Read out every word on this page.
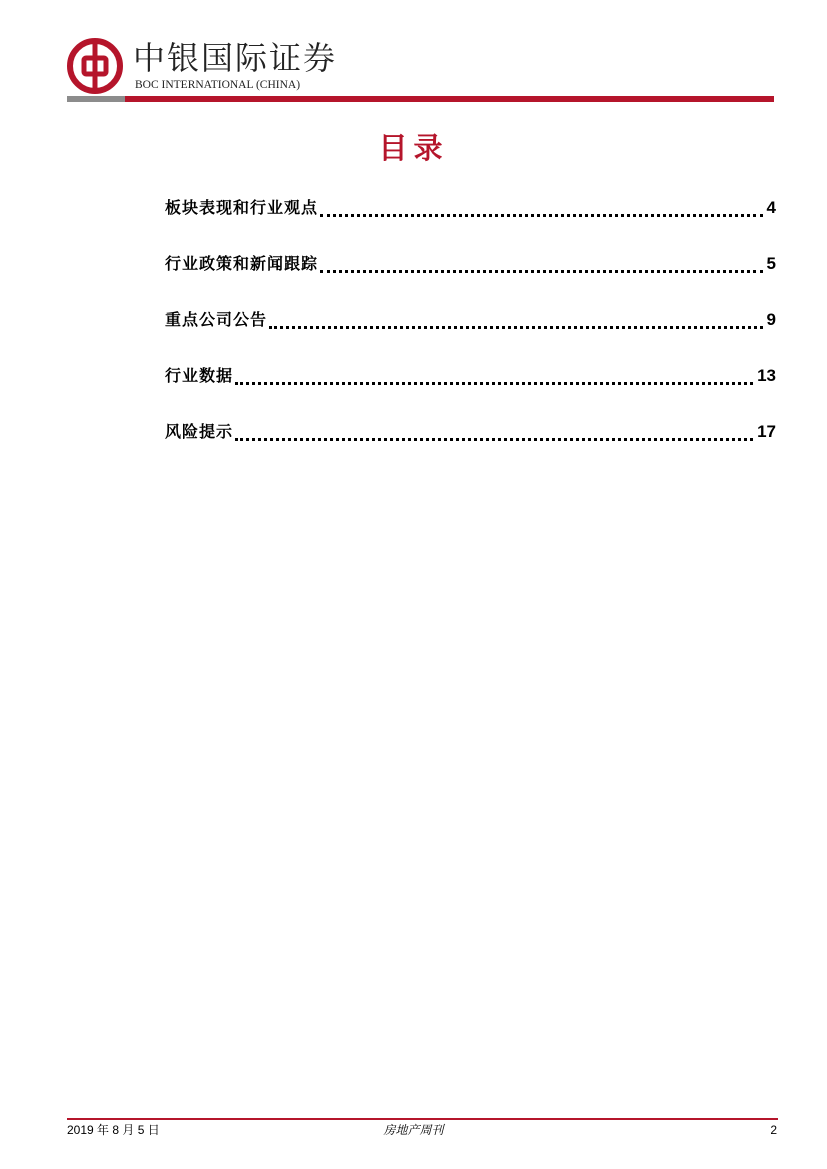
中银国际证券
BOC INTERNATIONAL (CHINA)
目录
板块表现和行业观点	4
行业政策和新闻跟踪	5
重点公司公告	9
行业数据	13
风险提示	17
2019 年 8 月 5 日	房地产周刊	2
